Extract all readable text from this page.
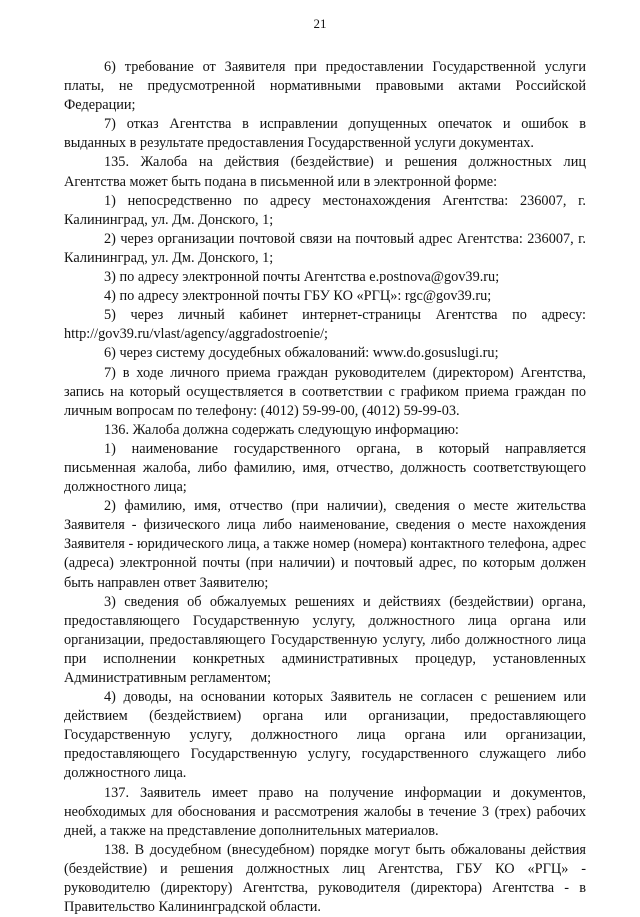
21

6) требование от Заявителя при предоставлении Государственной услуги платы, не предусмотренной нормативными правовыми актами Российской Федерации;

7) отказ Агентства в исправлении допущенных опечаток и ошибок в выданных в результате предоставления Государственной услуги документах.

135. Жалоба на действия (бездействие) и решения должностных лиц Агентства может быть подана в письменной или в электронной форме:

1) непосредственно по адресу местонахождения Агентства: 236007, г. Калининград, ул. Дм. Донского, 1;

2) через организации почтовой связи на почтовый адрес Агентства: 236007, г. Калининград, ул. Дм. Донского, 1;

3) по адресу электронной почты Агентства e.postnova@gov39.ru;

4) по адресу электронной почты ГБУ КО «РГЦ»: rgc@gov39.ru;

5) через личный кабинет интернет-страницы Агентства по адресу: http://gov39.ru/vlast/agency/aggradostroenie/;

6) через систему досудебных обжалований: www.do.gosuslugi.ru;

7) в ходе личного приема граждан руководителем (директором) Агентства, запись на который осуществляется в соответствии с графиком приема граждан по личным вопросам по телефону: (4012) 59-99-00, (4012) 59-99-03.

136. Жалоба должна содержать следующую информацию:

1) наименование государственного органа, в который направляется письменная жалоба, либо фамилию, имя, отчество, должность соответствующего должностного лица;

2) фамилию, имя, отчество (при наличии), сведения о месте жительства Заявителя - физического лица либо наименование, сведения о месте нахождения Заявителя - юридического лица, а также номер (номера) контактного телефона, адрес (адреса) электронной почты (при наличии) и почтовый адрес, по которым должен быть направлен ответ Заявителю;

3) сведения об обжалуемых решениях и действиях (бездействии) органа, предоставляющего Государственную услугу, должностного лица органа или организации, предоставляющего Государственную услугу, либо должностного лица при исполнении конкретных административных процедур, установленных Административным регламентом;

4) доводы, на основании которых Заявитель не согласен с решением или действием (бездействием) органа или организации, предоставляющего Государственную услугу, должностного лица органа или организации, предоставляющего Государственную услугу, государственного служащего либо должностного лица.

137. Заявитель имеет право на получение информации и документов, необходимых для обоснования и рассмотрения жалобы в течение 3 (трех) рабочих дней, а также на представление дополнительных материалов.

138. В досудебном (внесудебном) порядке могут быть обжалованы действия (бездействие) и решения должностных лиц Агентства, ГБУ КО «РГЦ» - руководителю (директору) Агентства, руководителя (директора) Агентства - в Правительство Калининградской области.
